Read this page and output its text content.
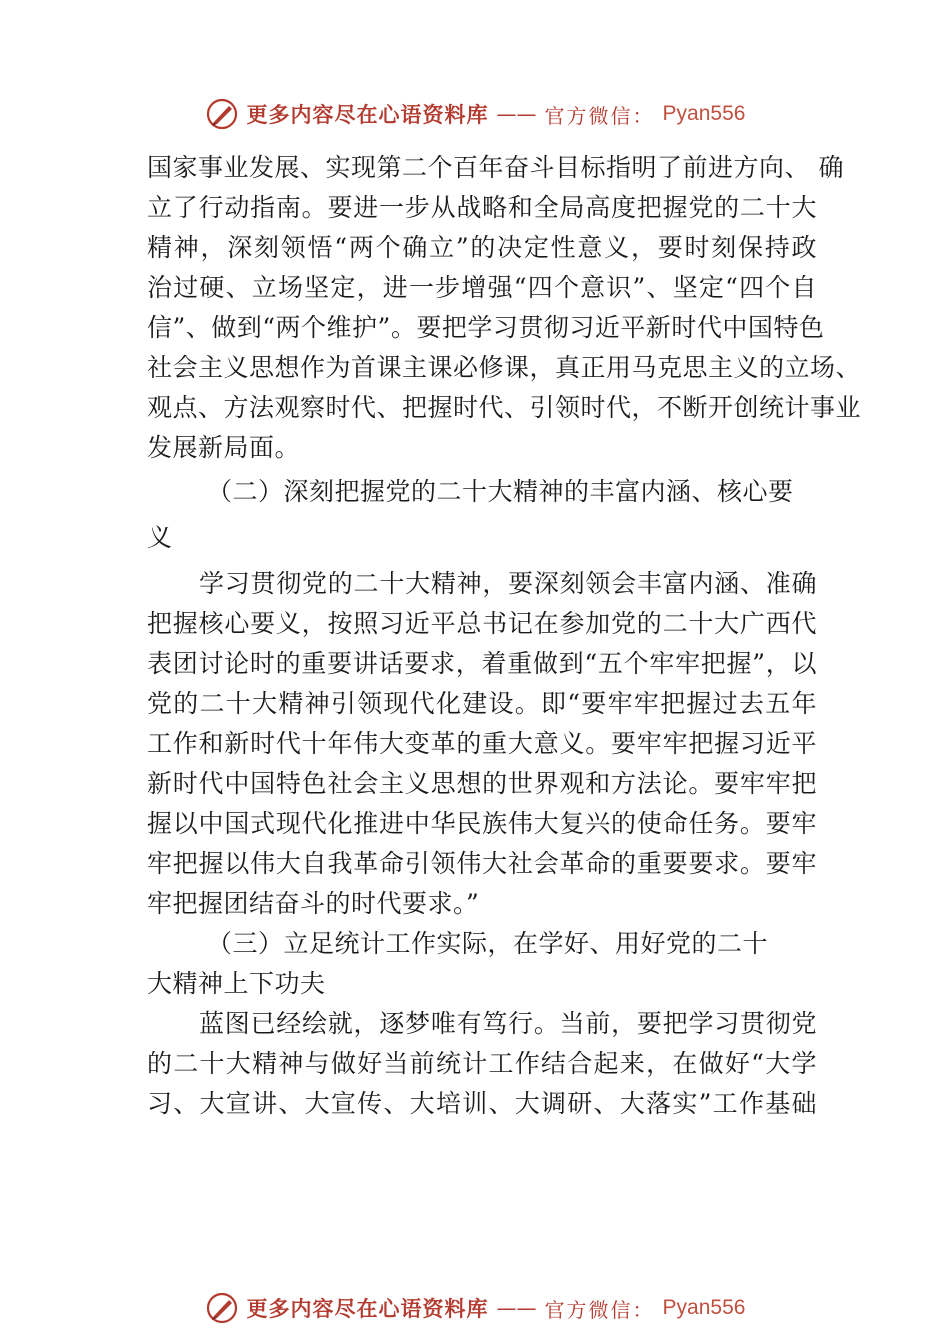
更多内容尽在心语资料库 —— 官方微信： Pyan556
国家事业发展、实现第二个百年奋斗目标指明了前进方向、 确
立了行动指南。要进一步从战略和全局高度把握党的二十大
精神，深刻领悟“两个确立”的决定性意义，要时刻保持政
治过硬、立场坚定，进一步增强“四个意识”、坚定“四个自
信”、做到“两个维护”。要把学习贯彻习近平新时代中国特色
社会主义思想作为首课主课必修课，真正用马克思主义的立场、
观点、方法观察时代、把握时代、引领时代，不断开创统计事业
发展新局面。
（二）深刻把握党的二十大精神的丰富内涵、核心要
义
学习贯彻党的二十大精神，要深刻领会丰富内涵、准确
把握核心要义，按照习近平总书记在参加党的二十大广西代
表团讨论时的重要讲话要求，着重做到“五个牢牢把握”，以
党的二十大精神引领现代化建设。即“要牢牢把握过去五年
工作和新时代十年伟大变革的重大意义。要牢牢把握习近平
新时代中国特色社会主义思想的世界观和方法论。要牢牢把
握以中国式现代化推进中华民族伟大复兴的使命任务。要牢
牢把握以伟大自我革命引领伟大社会革命的重要要求。要牢
牢把握团结奋斗的时代要求。”
（三）立足统计工作实际，在学好、用好党的二十
大精神上下功夫
蓝图已经绘就，逐梦唯有笃行。当前，要把学习贯彻党
的二十大精神与做好当前统计工作结合起来，在做好“大学
习、大宣讲、大宣传、大培训、大调研、大落实”工作基础
更多内容尽在心语资料库 —— 官方微信： Pyan556
